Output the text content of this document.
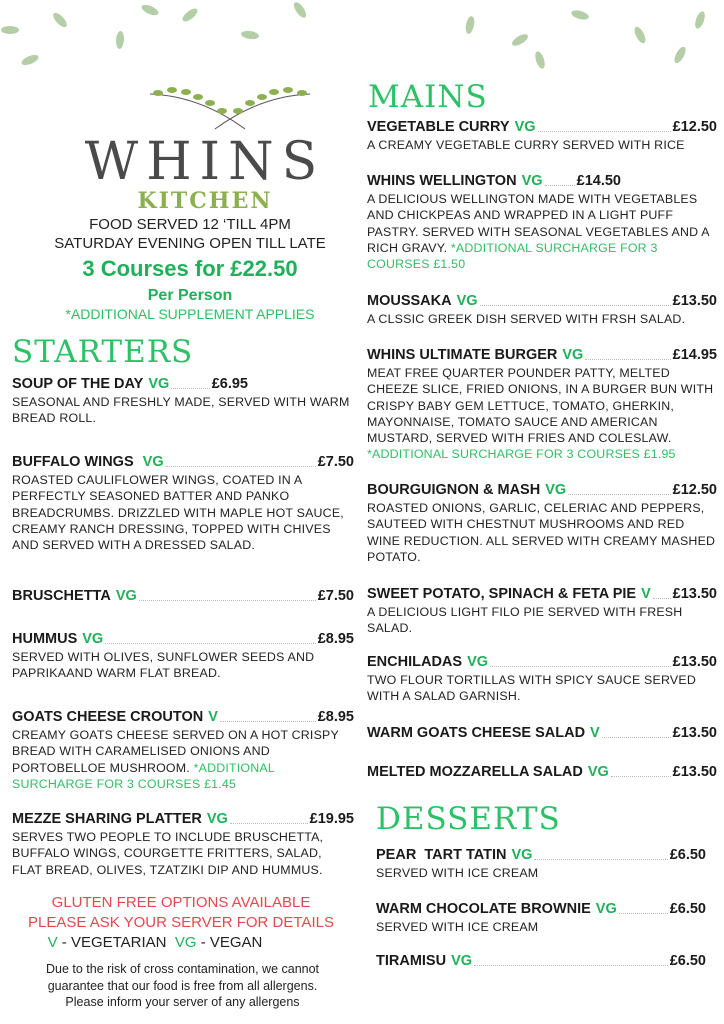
WHINS
KITCHEN
FOOD SERVED 12 ‘TILL 4PM
SATURDAY EVENING OPEN TILL LATE
3 Courses for £22.50
Per Person
*ADDITIONAL SUPPLEMENT APPLIES
STARTERS
MAINS
DESSERTS
SOUP OF THE DAY VG	£6.95
SEASONAL AND FRESHLY MADE, SERVED WITH WARM BREAD ROLL.
BUFFALO WINGS VG	£7.50
ROASTED CAULIFLOWER WINGS, COATED IN A PERFECTLY SEASONED BATTER AND PANKO BREADCRUMBS. DRIZZLED WITH MAPLE HOT SAUCE, CREAMY RANCH DRESSING, TOPPED WITH CHIVES AND SERVED WITH A DRESSED SALAD.
BRUSCHETTA VG	£7.50
HUMMUS VG	£8.95
SERVED WITH OLIVES, SUNFLOWER SEEDS AND PAPRIKAAND WARM FLAT BREAD.
GOATS CHEESE CROUTON V	£8.95
CREAMY GOATS CHEESE SERVED ON A HOT CRISPY BREAD WITH CARAMELISED ONIONS AND PORTOBELLOE MUSHROOM. *ADDITIONAL SURCHARGE FOR 3 COURSES £1.45
MEZZE SHARING PLATTER VG	£19.95
SERVES TWO PEOPLE TO INCLUDE BRUSCHETTA, BUFFALO WINGS, COURGETTE FRITTERS, SALAD, FLAT BREAD, OLIVES, TZATZIKI DIP AND HUMMUS.
VEGETABLE CURRY VG	£12.50
A CREAMY VEGETABLE CURRY SERVED WITH RICE
WHINS WELLINGTON VG £14.50
A DELICIOUS WELLINGTON MADE WITH VEGETABLES AND CHICKPEAS AND WRAPPED IN A LIGHT PUFF PASTRY. SERVED WITH SEASONAL VEGETABLES AND A RICH GRAVY. *ADDITIONAL SURCHARGE FOR 3 COURSES £1.50
MOUSSAKA VG	£13.50
A CLSSIC GREEK DISH SERVED WITH FRSH SALAD.
WHINS ULTIMATE BURGER VG	£14.95
MEAT FREE QUARTER POUNDER PATTY, MELTED CHEEZE SLICE, FRIED ONIONS, IN A BURGER BUN WITH CRISPY BABY GEM LETTUCE, TOMATO, GHERKIN, MAYONNAISE, TOMATO SAUCE AND AMERICAN MUSTARD, SERVED WITH FRIES AND COLESLAW. *ADDITIONAL SURCHARGE FOR 3 COURSES £1.95
BOURGUIGNON & MASH VG	£12.50
ROASTED ONIONS, GARLIC, CELERIAC AND PEPPERS, SAUTEED WITH CHESTNUT MUSHROOMS AND RED WINE REDUCTION. ALL SERVED WITH CREAMY MASHED POTATO.
SWEET POTATO, SPINACH & FETA PIE V £13.50
A DELICIOUS LIGHT FILO PIE SERVED WITH FRESH SALAD.
ENCHILADAS VG	£13.50
TWO FLOUR TORTILLAS WITH SPICY SAUCE SERVED WITH A SALAD GARNISH.
WARM GOATS CHEESE SALAD V	£13.50
MELTED MOZZARELLA SALAD VG	£13.50
PEAR  TART TATIN VG	£6.50
SERVED WITH ICE CREAM
WARM CHOCOLATE BROWNIE VG	£6.50
SERVED WITH ICE CREAM
TIRAMISU VG	£6.50
GLUTEN FREE OPTIONS AVAILABLE
PLEASE ASK YOUR SERVER FOR DETAILS
V - VEGETARIAN  VG - VEGAN
Due to the risk of cross contamination, we cannot
guarantee that our food is free from all allergens.
Please inform your server of any allergens
